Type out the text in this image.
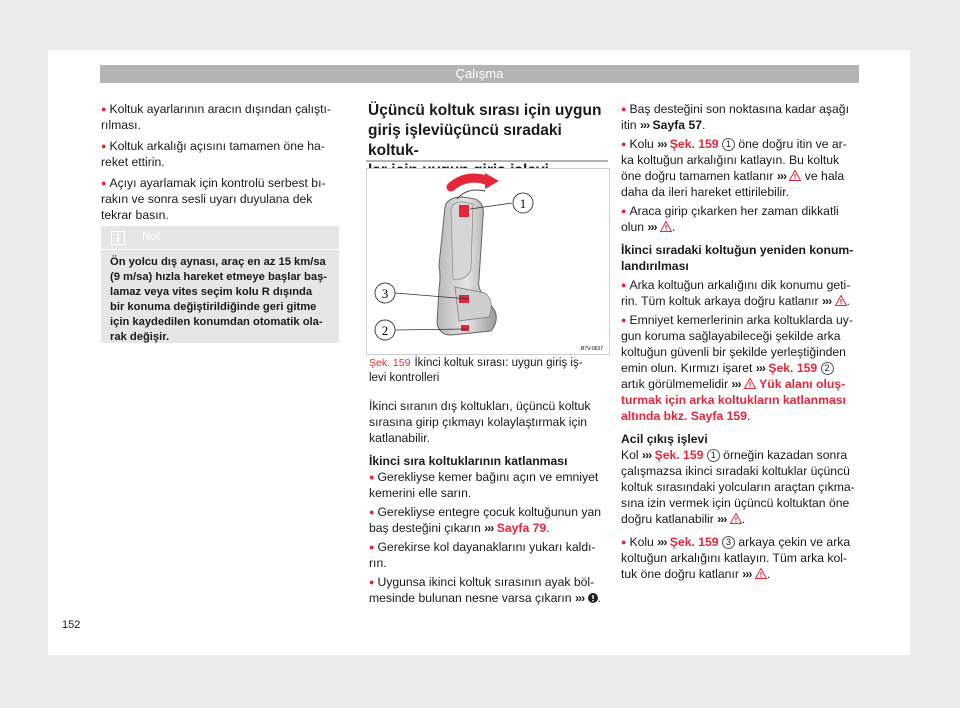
Çalışma

● Koltuk ayarlarının aracın dışından çalıştı-

rılması.

● Koltuk arkalığı açısını tamamen öne ha-

reket ettirin.

● Açıyı ayarlamak için kontrolü serbest bı-

rakın ve sonra sesli uyarı duyulana dek

tekrar basın.

Not
Ön yolcu dış aynası, araç en az 15 km/sa
(9 m/sa) hızla hareket etmeye başlar baş-
lamaz veya vites seçim kolu R dışında
bir konuma değiştirildiğinde geri gitme
için kaydedilen konumdan otomatik ola-
rak değişir.
Üçüncü koltuk sırası için uygun
giriş işleviüçüncü sıradaki koltuk-
1
3
2
B7V-0637
Şek. 159 İkinci koltuk sırası: uygun giriş iş-
levi kontrolleri

İkinci sıranın dış koltukları, üçüncü koltuk

sırasına girip çıkmayı kolaylaştırmak için

katlanabilir.

İkinci sıra koltuklarının katlanması

● Gerekliyse kemer bağını açın ve emniyet

kemerini elle sarın.

● Gerekliyse entegre çocuk koltuğunun yan

baş desteğini çıkarın ››› Sayfa 79.

● Gerekirse kol dayanaklarını yukarı kaldı-

rın.

● Uygunsa ikinci koltuk sırasının ayak böl-

mesinde bulunan nesne varsa çıkarın ››› .

● Baş desteğini son noktasına kadar aşağı

itin ››› Sayfa 57.

● Kolu ››› Şek. 159 1 öne doğru itin ve ar-

ka koltuğun arkalığını katlayın. Bu koltuk

öne doğru tamamen katlanır ›››  ve hala

daha da ileri hareket ettirilebilir.

● Araca girip çıkarken her zaman dikkatli

olun ››› .

İkinci sıradaki koltuğun yeniden konum-

landırılması

● Arka koltuğun arkalığını dik konumu geti-

rin. Tüm koltuk arkaya doğru katlanır ››› .

● Emniyet kemerlerinin arka koltuklarda uy-

gun koruma sağlayabileceği şekilde arka

koltuğun güvenli bir şekilde yerleştiğinden

emin olun. Kırmızı işaret ››› Şek. 159 2

artık görülmemelidir ›››  Yük alanı oluş-

turmak için arka koltukların katlanması

altında bkz. Sayfa 159.

Acil çıkış işlevi

Kol ››› Şek. 159 1 örneğin kazadan sonra

çalışmazsa ikinci sıradaki koltuklar üçüncü

koltuk sırasındaki yolcuların araçtan çıkma-

sına izin vermek için üçüncü koltuktan öne

doğru katlanabilir ››› .

● Kolu ››› Şek. 159 3 arkaya çekin ve arka

koltuğun arkalığını katlayın. Tüm arka kol-

tuk öne doğru katlanır ››› .

152
